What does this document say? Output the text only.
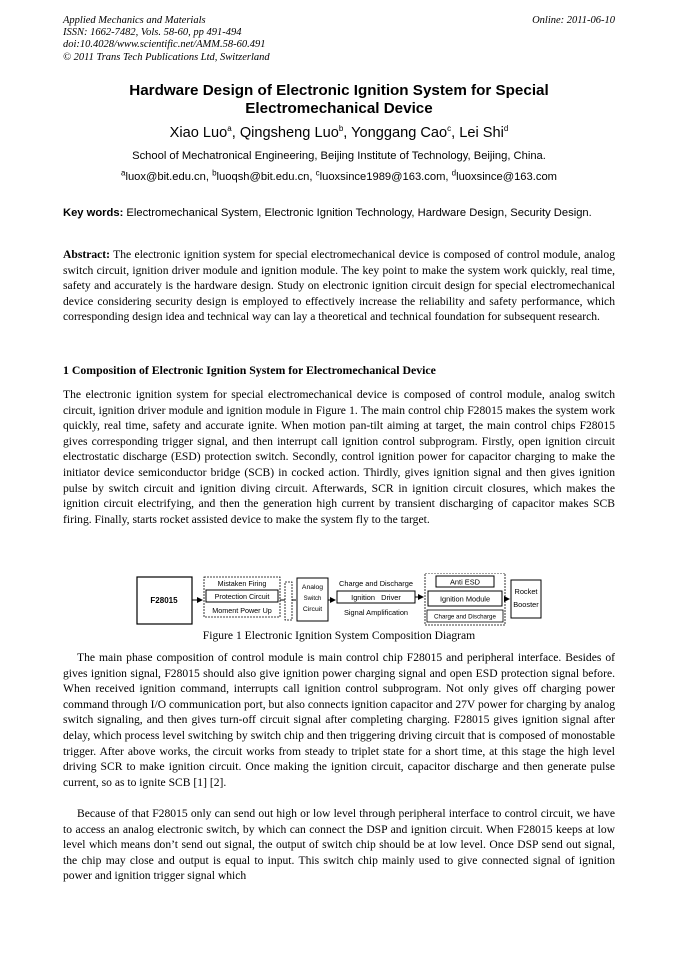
Applied Mechanics and Materials
ISSN: 1662-7482, Vols. 58-60, pp 491-494
doi:10.4028/www.scientific.net/AMM.58-60.491
© 2011 Trans Tech Publications Ltd, Switzerland
Online: 2011-06-10
Hardware Design of Electronic Ignition System for Special
Electromechanical Device
Xiao Luo$^a$, Qingsheng Luo$^b$, Yonggang Cao$^c$, Lei Shi$^d$
School of Mechatronical Engineering, Beijing Institute of Technology, Beijing, China.
$^a$luox@bit.edu.cn, $^b$luoqsh@bit.edu.cn, $^c$luoxsince1989@163.com, $^d$luoxsince@163.com
Key words: Electromechanical System, Electronic Ignition Technology, Hardware Design, Security Design.
Abstract: The electronic ignition system for special electromechanical device is composed of control module, analog switch circuit, ignition driver module and ignition module. The key point to make the system work quickly, real time, safety and accurately is the hardware design. Study on electronic ignition circuit design for special electromechanical device considering security design is employed to effectively increase the reliability and safety performance, which corresponding design idea and technical way can lay a theoretical and technical foundation for subsequent research.
1 Composition of Electronic Ignition System for Electromechanical Device
The electronic ignition system for special electromechanical device is composed of control module, analog switch circuit, ignition driver module and ignition module in Figure 1. The main control chip F28015 makes the system work quickly, real time, safety and accurate ignite. When motion pan-tilt aiming at target, the main control chips F28015 gives corresponding trigger signal, and then interrupt call ignition control subprogram. Firstly, open ignition circuit electrostatic discharge (ESD) protection switch. Secondly, control ignition power for capacitor charging to make the initiator device semiconductor bridge (SCB) in cocked action. Thirdly, gives ignition signal and then gives ignition pulse by switch circuit and ignition diving circuit. Afterwards, SCR in ignition circuit closures, which makes the ignition circuit electrifying, and then the generation high current by transient discharging of capacitor makes SCB firing. Finally, starts rocket assisted device to make the system fly to the target.
F28015
Mistaken Firing
Protection Circuit
Moment Power Up
Analog
Switch
Circuit
Charge and Discharge
Ignition   Driver
Signal Amplification
Anti ESD
Ignition Module
Charge and Discharge
Rocket
Booster
Figure 1 Electronic Ignition System Composition Diagram
The main phase composition of control module is main control chip F28015 and peripheral interface. Besides of gives ignition signal, F28015 should also give ignition power charging signal and open ESD protection signal before. When received ignition command, interrupts call ignition control subprogram. Not only gives off charging power command through I/O communication port, but also connects ignition capacitor and 27V power for charging by analog switch signaling, and then gives turn-off circuit signal after completing charging. F28015 gives ignition signal after delay, which process level switching by switch chip and then triggering driving circuit that is composed of monostable trigger. After above works, the circuit works from steady to triplet state for a short time, at this stage the high level driving SCR to make ignition circuit. Once making the ignition circuit, capacitor discharge and then generate pulse current, so as to ignite SCB [1] [2].
Because of that F28015 only can send out high or low level through peripheral interface to control circuit, we have to access an analog electronic switch, by which can connect the DSP and ignition circuit. When F28015 keeps at low level which means don’t send out signal, the output of switch chip should be at low level. Once DSP send out signal, the chip may close and output is equal to input. This switch chip mainly used to give connected signal of ignition power and ignition trigger signal which
